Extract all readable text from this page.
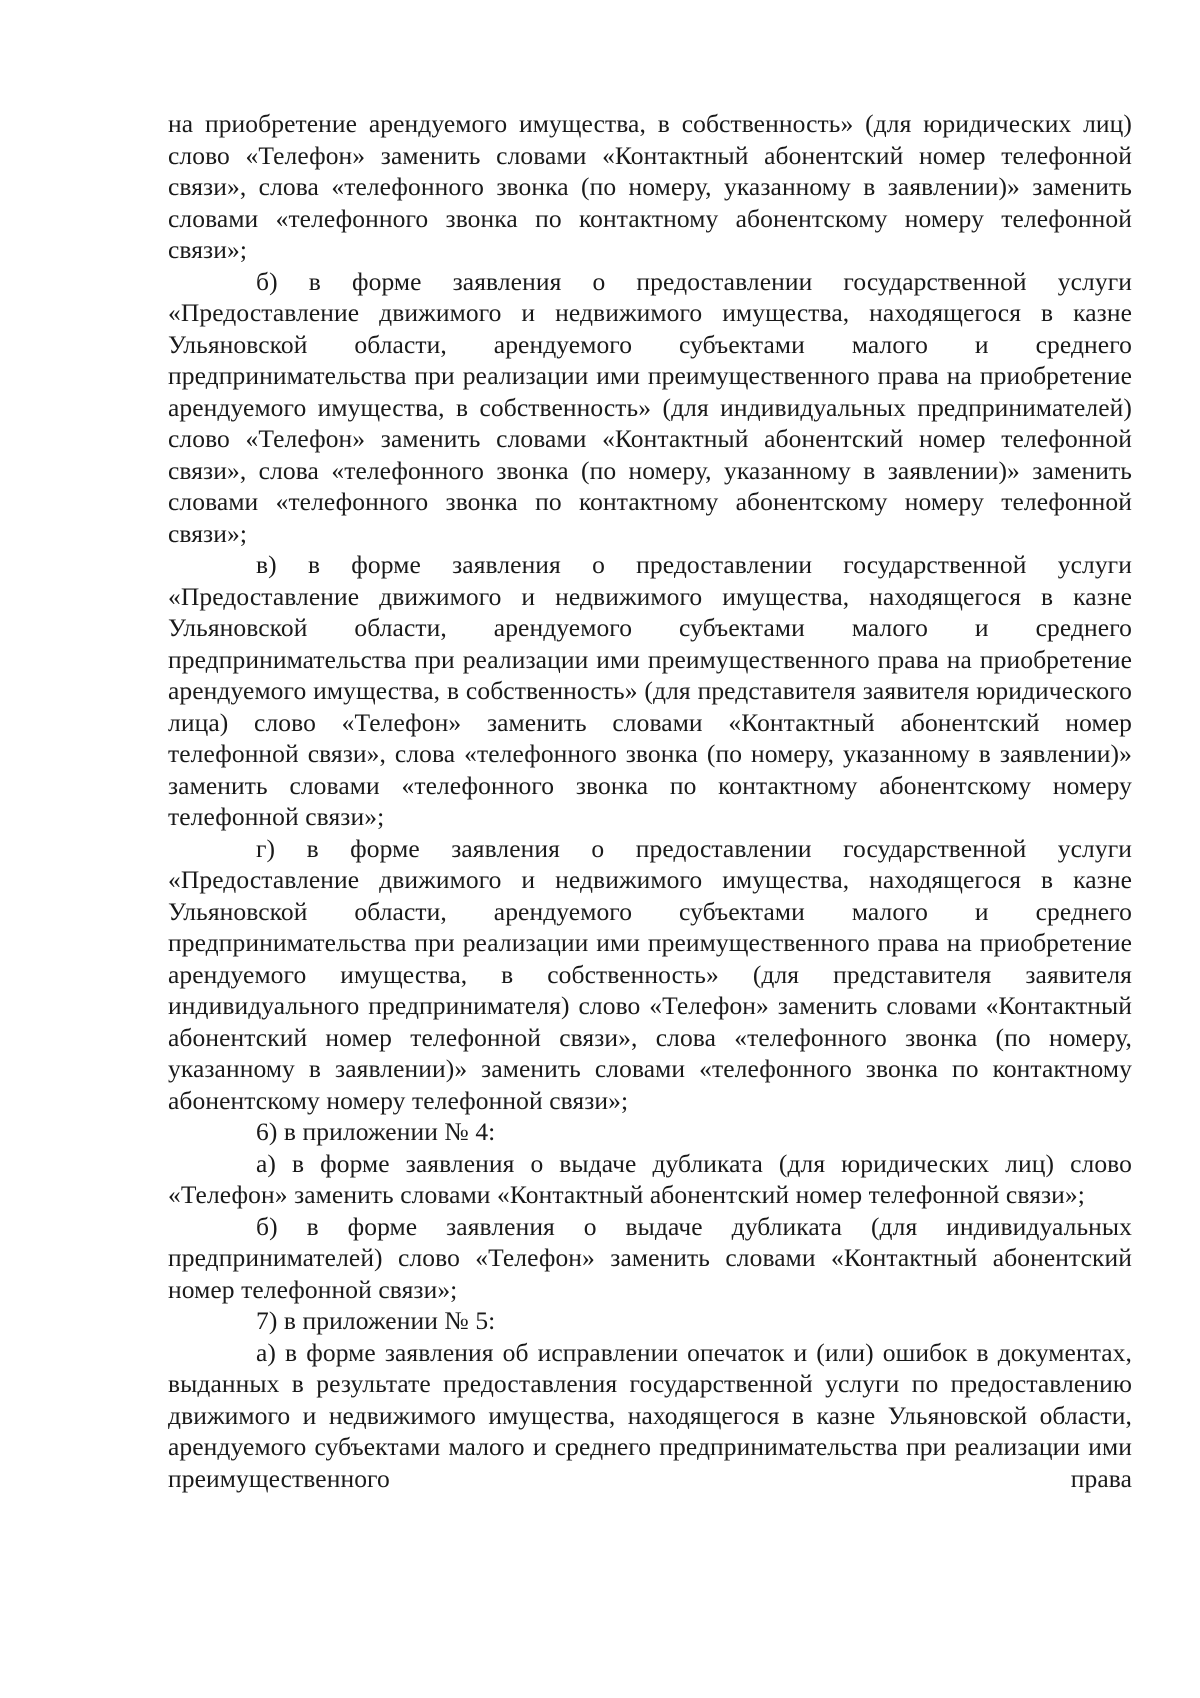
на приобретение арендуемого имущества, в собственность» (для юридических лиц) слово «Телефон» заменить словами «Контактный абонентский номер телефонной связи», слова «телефонного звонка (по номеру, указанному в заявлении)» заменить словами «телефонного звонка по контактному абонентскому номеру телефонной связи»;

б) в форме заявления о предоставлении государственной услуги «Предоставление движимого и недвижимого имущества, находящегося в казне Ульяновской области, арендуемого субъектами малого и среднего предпринимательства при реализации ими преимущественного права на приобретение арендуемого имущества, в собственность» (для индивидуальных предпринимателей) слово «Телефон» заменить словами «Контактный абонентский номер телефонной связи», слова «телефонного звонка (по номеру, указанному в заявлении)» заменить словами «телефонного звонка по контактному абонентскому номеру телефонной связи»;

в) в форме заявления о предоставлении государственной услуги «Предоставление движимого и недвижимого имущества, находящегося в казне Ульяновской области, арендуемого субъектами малого и среднего предпринимательства при реализации ими преимущественного права на приобретение арендуемого имущества, в собственность» (для представителя заявителя юридического лица) слово «Телефон» заменить словами «Контактный абонентский номер телефонной связи», слова «телефонного звонка (по номеру, указанному в заявлении)» заменить словами «телефонного звонка по контактному абонентскому номеру телефонной связи»;

г) в форме заявления о предоставлении государственной услуги «Предоставление движимого и недвижимого имущества, находящегося в казне Ульяновской области, арендуемого субъектами малого и среднего предпринимательства при реализации ими преимущественного права на приобретение арендуемого имущества, в собственность» (для представителя заявителя индивидуального предпринимателя) слово «Телефон» заменить словами «Контактный абонентский номер телефонной связи», слова «телефонного звонка (по номеру, указанному в заявлении)» заменить словами «телефонного звонка по контактному абонентскому номеру телефонной связи»;

6) в приложении № 4:

а) в форме заявления о выдаче дубликата (для юридических лиц) слово «Телефон» заменить словами «Контактный абонентский номер телефонной связи»;

б) в форме заявления о выдаче дубликата (для индивидуальных предпринимателей) слово «Телефон» заменить словами «Контактный абонентский номер телефонной связи»;

7) в приложении № 5:

а) в форме заявления об исправлении опечаток и (или) ошибок в документах, выданных в результате предоставления государственной услуги по предоставлению движимого и недвижимого имущества, находящегося в казне Ульяновской области, арендуемого субъектами малого и среднего предпринимательства при реализации ими преимущественного права
